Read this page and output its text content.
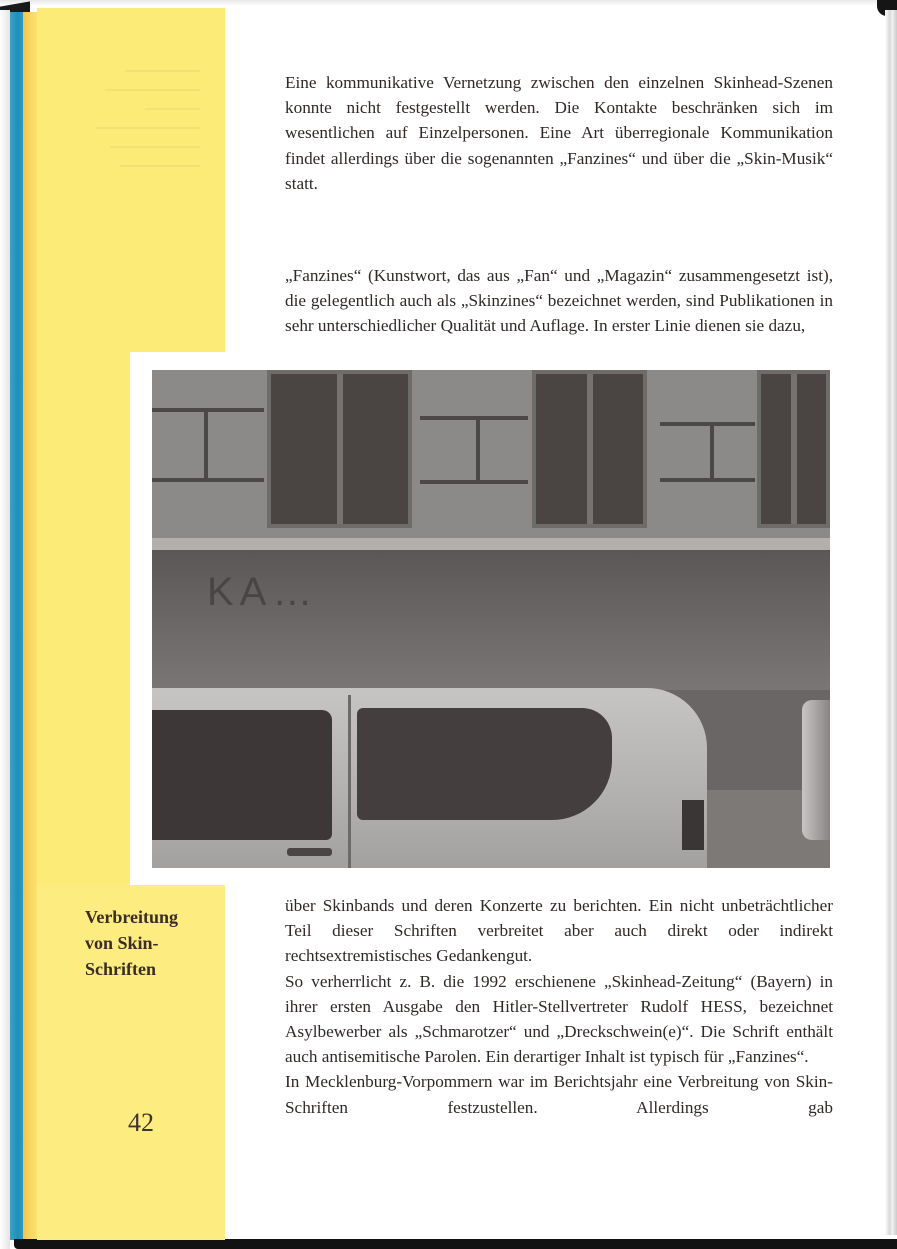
Verbreitung
von Skin-
Schriften
42

Eine kommunikative Vernetzung zwischen den einzelnen Skinhead-Szenen konnte nicht festgestellt werden. Die Kontakte beschränken sich im wesentlichen auf Einzelpersonen. Eine Art überregionale Kommunikation findet allerdings über die sogenannten „Fanzines“ und über die „Skin-Musik“ statt.

„Fanzines“ (Kunstwort, das aus „Fan“ und „Magazin“ zusammengesetzt ist), die gelegentlich auch als „Skinzines“ bezeichnet werden, sind Publikationen in sehr unterschiedlicher Qualität und Auflage. In erster Linie dienen sie dazu,

KA…

über Skinbands und deren Konzerte zu berichten. Ein nicht unbeträchtlicher Teil dieser Schriften verbreitet aber auch direkt oder indirekt rechtsextremistisches Gedankengut.

So verherrlicht z. B. die 1992 erschienene „Skinhead-Zeitung“ (Bayern) in ihrer ersten Ausgabe den Hitler-Stellvertreter Rudolf HESS, bezeichnet Asylbewerber als „Schmarotzer“ und „Dreckschwein(e)“. Die Schrift enthält auch antisemitische Parolen. Ein derartiger Inhalt ist typisch für „Fanzines“.

In Mecklenburg-Vorpommern war im Berichtsjahr eine Verbreitung von Skin-Schriften festzustellen. Allerdings gab
